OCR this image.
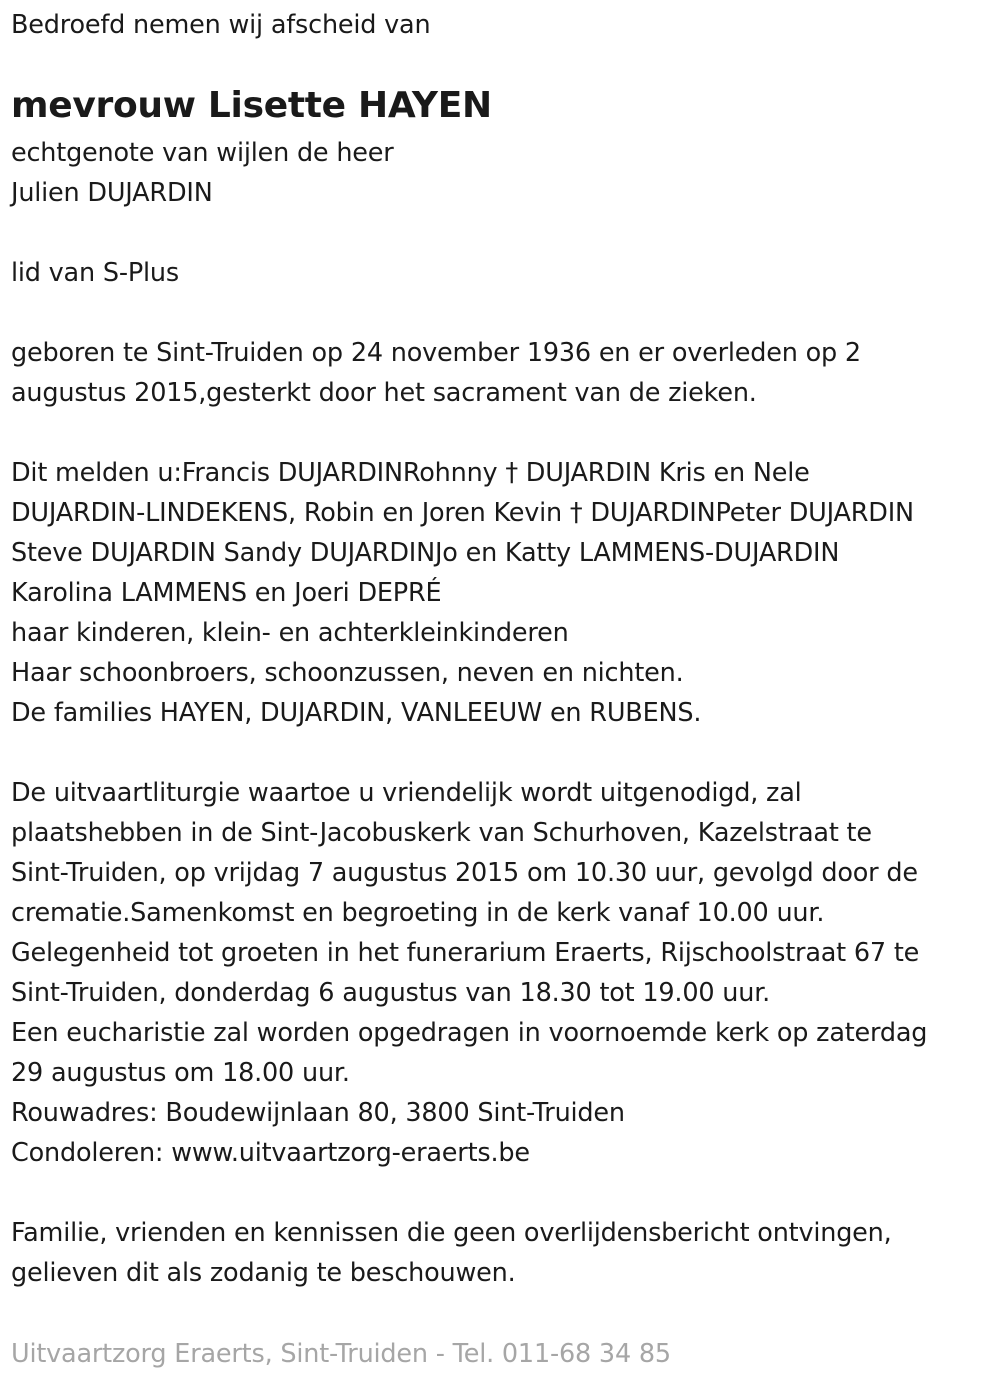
Bedroefd nemen wij afscheid van
mevrouw Lisette HAYEN
echtgenote van wijlen de heer
Julien DUJARDIN
lid van S-Plus
geboren te Sint-Truiden op 24 november 1936 en er overleden op 2
augustus 2015,gesterkt door het sacrament van de zieken.
Dit melden u:Francis DUJARDINRohnny † DUJARDIN Kris en Nele
DUJARDIN-LINDEKENS, Robin en Joren Kevin † DUJARDINPeter DUJARDIN
Steve DUJARDIN Sandy DUJARDINJo en Katty LAMMENS-DUJARDIN
Karolina LAMMENS en Joeri DEPRÉ
haar kinderen, klein- en achterkleinkinderen
Haar schoonbroers, schoonzussen, neven en nichten.
De families HAYEN, DUJARDIN, VANLEEUW en RUBENS.
De uitvaartliturgie waartoe u vriendelijk wordt uitgenodigd, zal
plaatshebben in de Sint-Jacobuskerk van Schurhoven, Kazelstraat te
Sint-Truiden, op vrijdag 7 augustus 2015 om 10.30 uur, gevolgd door de
crematie.Samenkomst en begroeting in de kerk vanaf 10.00 uur.
Gelegenheid tot groeten in het funerarium Eraerts, Rijschoolstraat 67 te
Sint-Truiden, donderdag 6 augustus van 18.30 tot 19.00 uur.
Een eucharistie zal worden opgedragen in voornoemde kerk op zaterdag
29 augustus om 18.00 uur.
Rouwadres: Boudewijnlaan 80, 3800 Sint-Truiden
Condoleren: www.uitvaartzorg-eraerts.be
Familie, vrienden en kennissen die geen overlijdensbericht ontvingen,
gelieven dit als zodanig te beschouwen.
Uitvaartzorg Eraerts, Sint-Truiden - Tel. 011-68 34 85
